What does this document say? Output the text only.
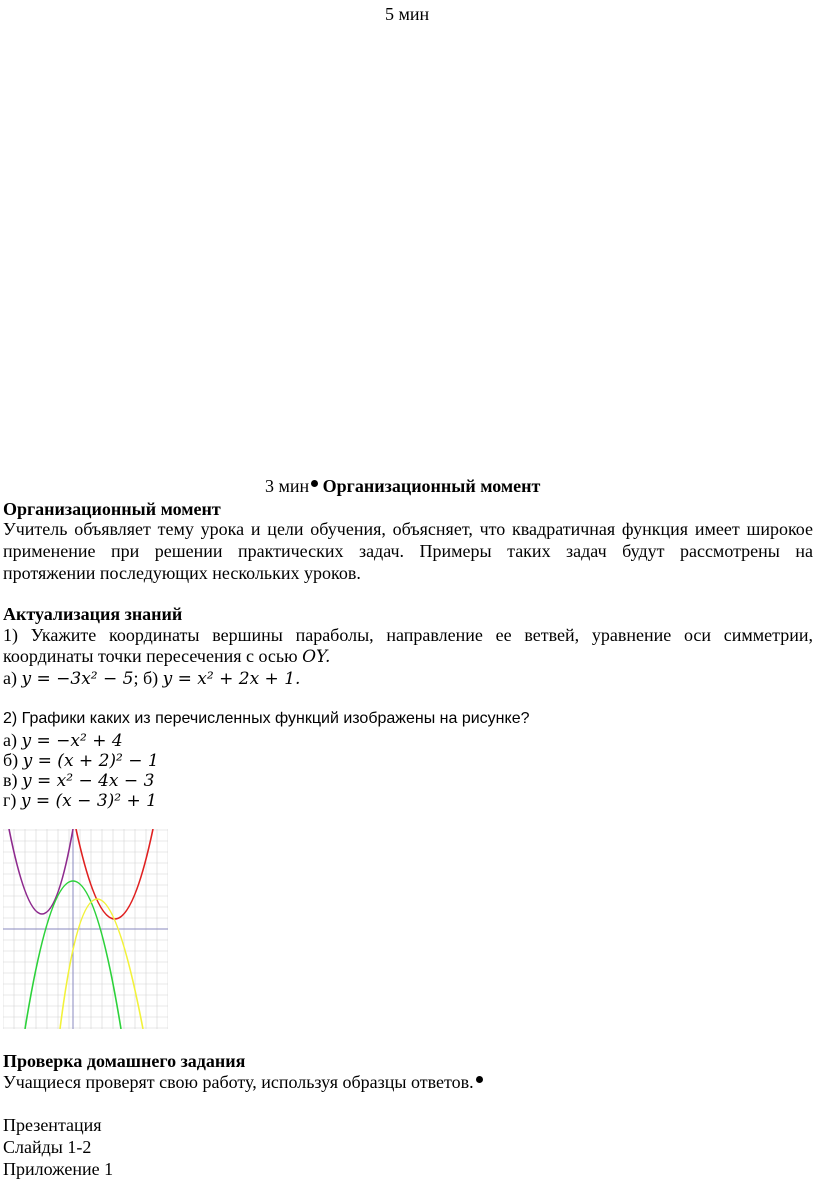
5 мин
3 мин Организационный момент
Организационный момент
Учитель объявляет тему урока и цели обучения, объясняет, что квадратичная функция имеет широкое
применение при решении практических задач. Примеры таких задач будут рассмотрены на
протяжении последующих нескольких уроков.
Актуализация знаний
1) Укажите координаты вершины параболы, направление ее ветвей, уравнение оси симметрии,
координаты точки пересечения с осью OY.
а) y = −3x² − 5; б) y = x² + 2x + 1.
2) Графики каких из перечисленных функций изображены на рисунке?
а) y = −x² + 4
б) y = (x + 2)² − 1
в) y = x² − 4x − 3
г) y = (x − 3)² + 1
Проверка домашнего задания
Учащиеся проверят свою работу, используя образцы ответов.
Презентация
Слайды 1-2
Приложение 1
